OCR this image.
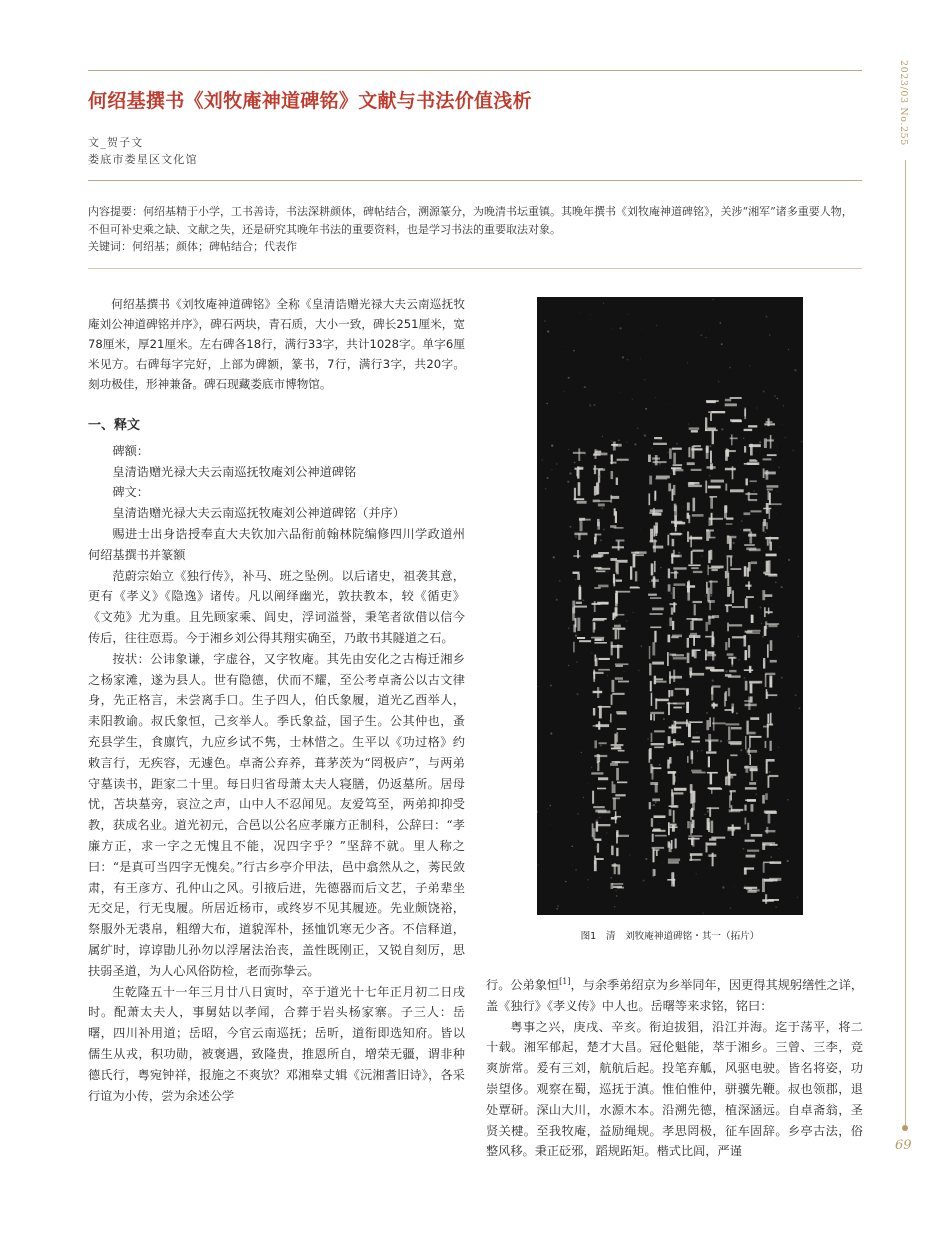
何绍基撰书《刘牧庵神道碑铭》文献与书法价值浅析
文_贺子文
娄底市娄星区文化馆

内容提要：何绍基精于小学，工书善诗，书法深耕颜体，碑帖结合，溯源篆分，为晚清书坛重镇。其晚年撰书《刘牧庵神道碑铭》，关涉“湘军”诸多重要人物，不但可补史乘之缺、文献之失，还是研究其晚年书法的重要资料，也是学习书法的重要取法对象。

关键词：何绍基；颜体；碑帖结合；代表作

何绍基撰书《刘牧庵神道碑铭》全称《皇清诰赠光禄大夫云南巡抚牧庵刘公神道碑铭并序》，碑石两块，青石质，大小一致，碑长251厘米，宽78厘米，厚21厘米。左右碑各18行，满行33字，共计1028字。单字6厘米见方。右碑每字完好，上部为碑额，篆书，7行，满行3字，共20字。刻功极佳，形神兼备。碑石现藏娄底市博物馆。

一、释文

碑额：

皇清诰赠光禄大夫云南巡抚牧庵刘公神道碑铭

碑文：

皇清诰赠光禄大夫云南巡抚牧庵刘公神道碑铭（并序）

赐进士出身诰授奉直大夫钦加六品衔前翰林院编修四川学政道州何绍基撰书并篆额

范蔚宗始立《独行传》，补马、班之坠例。以后诸史，祖袭其意，更有《孝义》《隐逸》诸传。凡以阐绎幽光，敦扶教本，较《循吏》《文苑》尤为重。且先顾家乘、闾史，浮词溢誉，秉笔者欲借以信今传后，往往恧焉。今于湘乡刘公得其翔实确至，乃敢书其隧道之石。

按状：公讳象谦，字虚谷，又字牧庵。其先由安化之古梅迁湘乡之杨家滩，遂为县人。世有隐德，伏而不耀，至公考卓斋公以古文律身，先正格言，未尝离手口。生子四人，伯氏象履，道光乙酉举人，耒阳教谕。叔氏象恒，己亥举人。季氏象益，国子生。公其仲也，蚤充县学生，食廪饩，九应乡试不隽，士林惜之。生平以《功过格》约敕言行，无疾容，无遽色。卓斋公弃养，葺茅茨为“罔极庐”，与两弟守墓读书，距家二十里。每日归省母萧太夫人寝膳，仍返墓所。居母忧，苫块墓旁，哀泣之声，山中人不忍闻见。友爱笃至，两弟抑抑受教，获成名业。道光初元，合邑以公名应孝廉方正制科，公辞曰：“孝廉方正，求一字之无愧且不能，况四字乎？”坚辞不就。里人称之曰：“是真可当四字无愧矣。”行古乡亭介甲法，邑中翕然从之，莠民敛肃，有王彦方、孔仲山之风。引掖后进，先德器而后文艺，子弟辈坐无交足，行无曳履。所居近杨市，或终岁不见其履迹。先业颇饶裕，祭服外无裘帛，粗缯大布，道貌浑朴，拯恤饥寒无少吝。不信释道，属纩时，谆谆勖儿孙勿以浮屠法治丧，盖性既刚正，又锐自刻厉，思扶弱圣道，为人心风俗防检，老而弥挚云。

生乾隆五十一年三月廿八日寅时，卒于道光十七年正月初二日戌时。配萧太夫人，事舅姑以孝闻，合葬于岩头杨家寨。子三人：岳曙，四川补用道；岳昭，今官云南巡抚；岳昕，道衔即选知府。皆以儒生从戎，积功勋，被褒遇，致隆贵，推恩所自，增荣无疆，谓非种德氏行，粤宛钟祥，报施之不爽欤？邓湘皋丈辑《沅湘耆旧诗》，各采行谊为小传，尝为余述公学

图1　清　刘牧庵神道碑铭・其一（拓片）

行。公弟象恒[1]，与余季弟绍京为乡举同年，因更得其规躬缮性之详，盖《独行》《孝义传》中人也。岳曙等来求铭，铭曰：

粤事之兴，庚戌、辛亥。衔迫拔猖，沿江并海。迄于荡平，将二十载。湘军郁起，楚才大昌。冠伦魁能，萃于湘乡。三曾、三李，竞爽旂常。爰有三刘，航航后起。投笔弃觚，风驱电驶。皆名将姿，功崇望侈。观察在蜀，巡抚于滇。惟伯惟仲，骈骥先鞭。叔也领郡，退处覃研。深山大川，水源木本。沿溯先德，植深涵远。自卓斋翁，圣贤关楗。至我牧庵，益励绳规。孝思罔极，征车固辞。乡亭古法，俗整风移。秉正砭邪，蹈规跖矩。楷式比闾，严谨

2023/03 No.255
69
